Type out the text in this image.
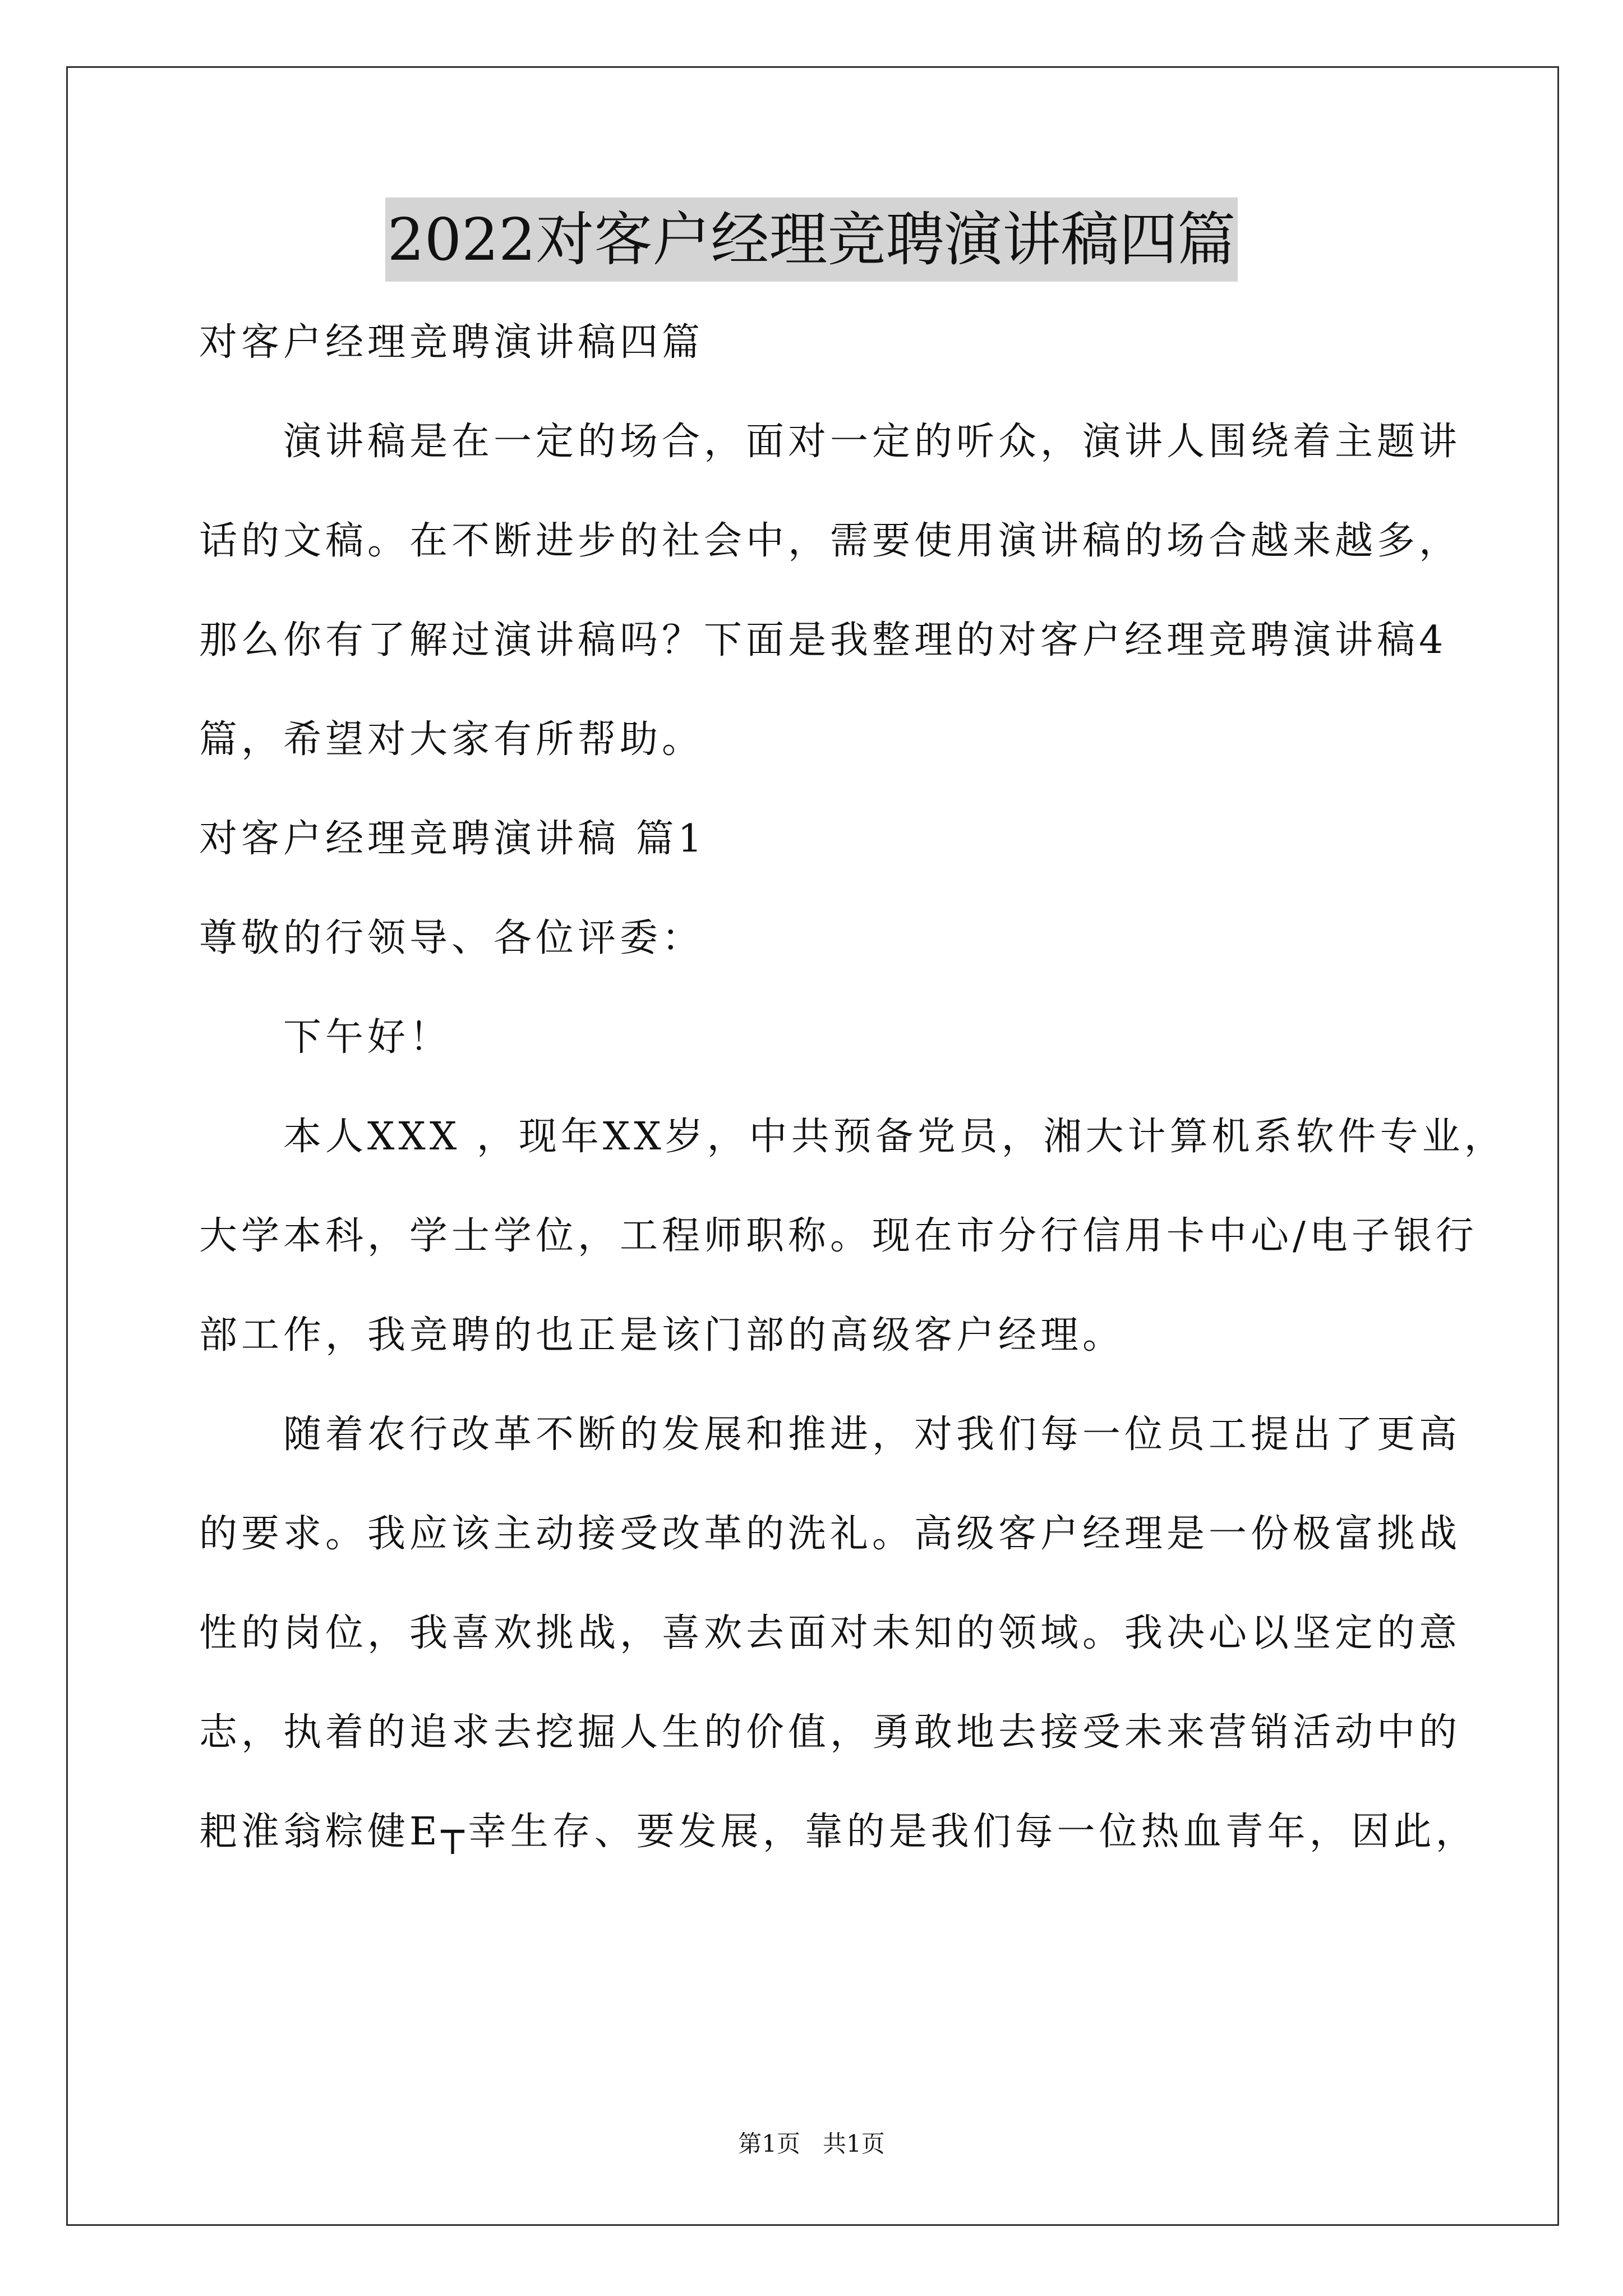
2022对客户经理竞聘演讲稿四篇
对客户经理竞聘演讲稿四篇
演讲稿是在一定的场合，面对一定的听众，演讲人围绕着主题讲
话的文稿。在不断进步的社会中，需要使用演讲稿的场合越来越多，
那么你有了解过演讲稿吗？下面是我整理的对客户经理竞聘演讲稿4
篇，希望对大家有所帮助。
对客户经理竞聘演讲稿 篇1
尊敬的行领导、各位评委：
下午好！
本人XXX ，现年XX岁，中共预备党员，湘大计算机系软件专业，
大学本科，学士学位，工程师职称。现在市分行信用卡中心/电子银行
部工作，我竞聘的也正是该门部的高级客户经理。
随着农行改革不断的发展和推进，对我们每一位员工提出了更高
的要求。我应该主动接受改革的洗礼。高级客户经理是一份极富挑战
性的岗位，我喜欢挑战，喜欢去面对未知的领域。我决心以坚定的意
志，执着的追求去挖掘人生的价值，勇敢地去接受未来营销活动中的
耙淮翁粽健E┬幸生存、要发展，靠的是我们每一位热血青年，因此，
第1页 共1页
